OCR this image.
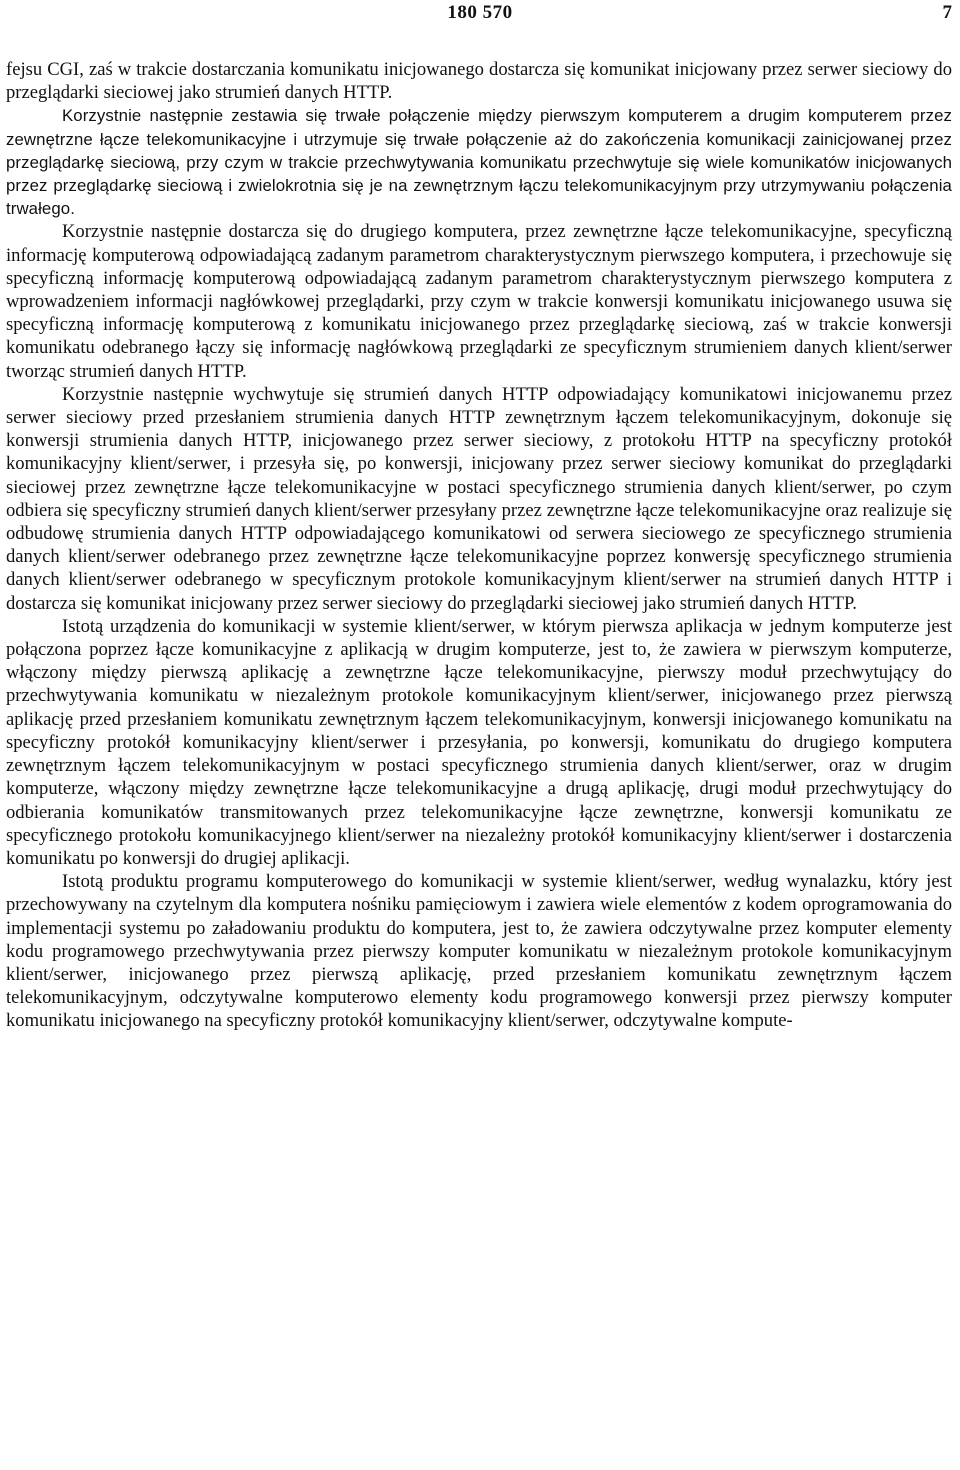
180 570	7

fejsu CGI, zaś w trakcie dostarczania komunikatu inicjowanego dostarcza się komunikat inicjowany przez serwer sieciowy do przeglądarki sieciowej jako strumień danych HTTP.

Korzystnie następnie zestawia się trwałe połączenie między pierwszym komputerem a drugim komputerem przez zewnętrzne łącze telekomunikacyjne i utrzymuje się trwałe połączenie aż do zakończenia komunikacji zainicjowanej przez przeglądarkę sieciową, przy czym w trakcie przechwytywania komunikatu przechwytuje się wiele komunikatów inicjowanych przez przeglądarkę sieciową i zwielokrotnia się je na zewnętrznym łączu telekomunikacyjnym przy utrzymywaniu połączenia trwałego.

Korzystnie następnie dostarcza się do drugiego komputera, przez zewnętrzne łącze telekomunikacyjne, specyficzną informację komputerową odpowiadającą zadanym parametrom charakterystycznym pierwszego komputera, i przechowuje się specyficzną informację komputerową odpowiadającą zadanym parametrom charakterystycznym pierwszego komputera z wprowadzeniem informacji nagłówkowej przeglądarki, przy czym w trakcie konwersji komunikatu inicjowanego usuwa się specyficzną informację komputerową z komunikatu inicjowanego przez przeglądarkę sieciową, zaś w trakcie konwersji komunikatu odebranego łączy się informację nagłówkową przeglądarki ze specyficznym strumieniem danych klient/serwer tworząc strumień danych HTTP.

Korzystnie następnie wychwytuje się strumień danych HTTP odpowiadający komunikatowi inicjowanemu przez serwer sieciowy przed przesłaniem strumienia danych HTTP zewnętrznym łączem telekomunikacyjnym, dokonuje się konwersji strumienia danych HTTP, inicjowanego przez serwer sieciowy, z protokołu HTTP na specyficzny protokół komunikacyjny klient/serwer, i przesyła się, po konwersji, inicjowany przez serwer sieciowy komunikat do przeglądarki sieciowej przez zewnętrzne łącze telekomunikacyjne w postaci specyficznego strumienia danych klient/serwer, po czym odbiera się specyficzny strumień danych klient/serwer przesyłany przez zewnętrzne łącze telekomunikacyjne oraz realizuje się odbudowę strumienia danych HTTP odpowiadającego komunikatowi od serwera sieciowego ze specyficznego strumienia danych klient/serwer odebranego przez zewnętrzne łącze telekomunikacyjne poprzez konwersję specyficznego strumienia danych klient/serwer odebranego w specyficznym protokole komunikacyjnym klient/serwer na strumień danych HTTP i dostarcza się komunikat inicjowany przez serwer sieciowy do przeglądarki sieciowej jako strumień danych HTTP.

Istotą urządzenia do komunikacji w systemie klient/serwer, w którym pierwsza aplikacja w jednym komputerze jest połączona poprzez łącze komunikacyjne z aplikacją w drugim komputerze, jest to, że zawiera w pierwszym komputerze, włączony między pierwszą aplikację a zewnętrzne łącze telekomunikacyjne, pierwszy moduł przechwytujący do przechwytywania komunikatu w niezależnym protokole komunikacyjnym klient/serwer, inicjowanego przez pierwszą aplikację przed przesłaniem komunikatu zewnętrznym łączem telekomunikacyjnym, konwersji inicjowanego komunikatu na specyficzny protokół komunikacyjny klient/serwer i przesyłania, po konwersji, komunikatu do drugiego komputera zewnętrznym łączem telekomunikacyjnym w postaci specyficznego strumienia danych klient/serwer, oraz w drugim komputerze, włączony między zewnętrzne łącze telekomunikacyjne a drugą aplikację, drugi moduł przechwytujący do odbierania komunikatów transmitowanych przez telekomunikacyjne łącze zewnętrzne, konwersji komunikatu ze specyficznego protokołu komunikacyjnego klient/serwer na niezależny protokół komunikacyjny klient/serwer i dostarczenia komunikatu po konwersji do drugiej aplikacji.

Istotą produktu programu komputerowego do komunikacji w systemie klient/serwer, według wynalazku, który jest przechowywany na czytelnym dla komputera nośniku pamięciowym i zawiera wiele elementów z kodem oprogramowania do implementacji systemu po załadowaniu produktu do komputera, jest to, że zawiera odczytywalne przez komputer elementy kodu programowego przechwytywania przez pierwszy komputer komunikatu w niezależnym protokole komunikacyjnym klient/serwer, inicjowanego przez pierwszą aplikację, przed przesłaniem komunikatu zewnętrznym łączem telekomunikacyjnym, odczytywalne komputerowo elementy kodu programowego konwersji przez pierwszy komputer komunikatu inicjowanego na specyficzny protokół komunikacyjny klient/serwer, odczytywalne kompute-
